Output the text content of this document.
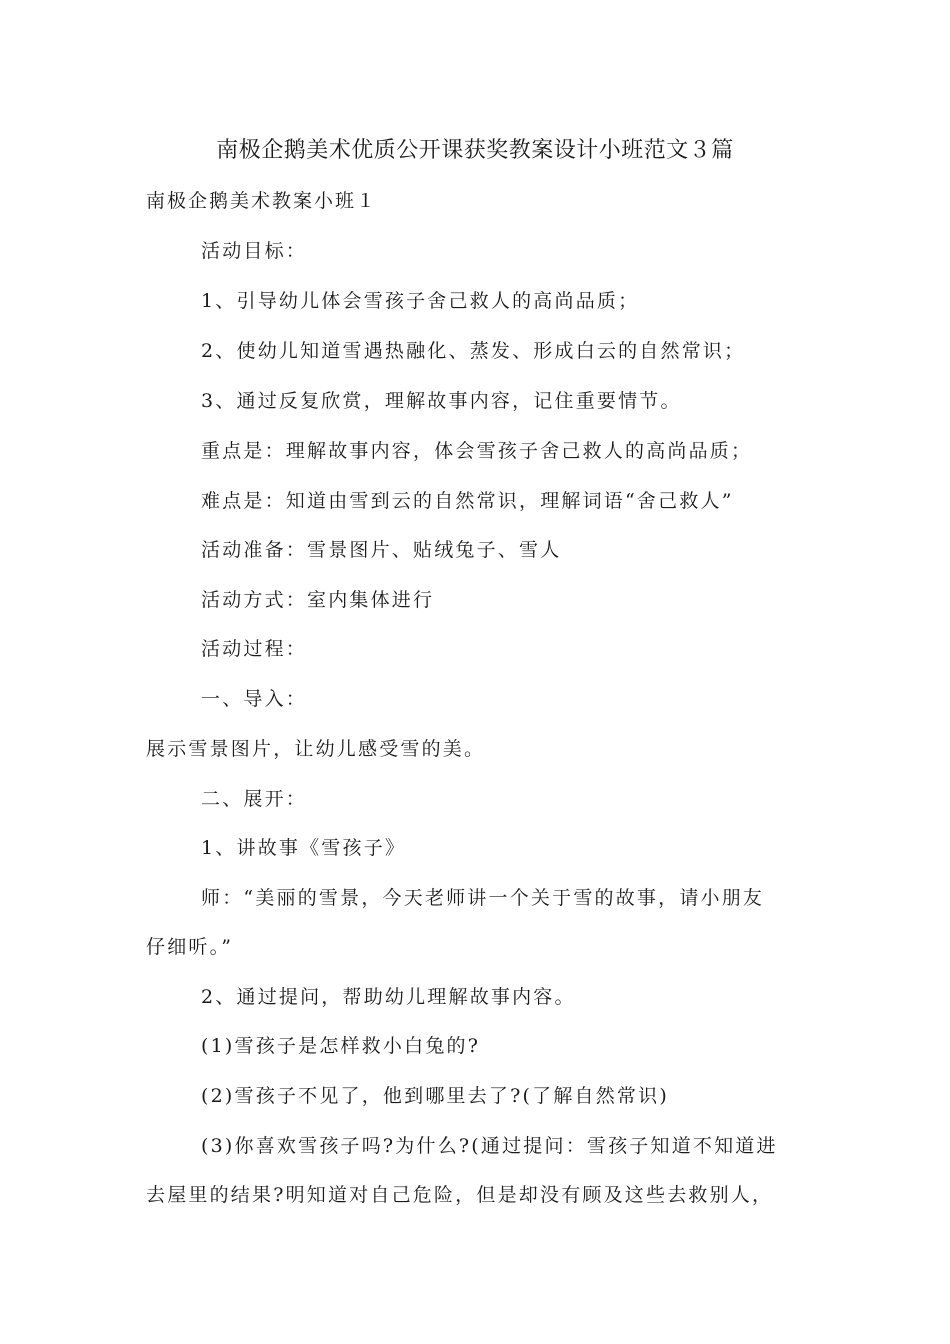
南极企鹅美术优质公开课获奖教案设计小班范文３篇
南极企鹅美术教案小班１

活动目标：

1、引导幼儿体会雪孩子舍己救人的高尚品质；

2、使幼儿知道雪遇热融化、蒸发、形成白云的自然常识；

3、通过反复欣赏，理解故事内容，记住重要情节。

重点是：理解故事内容，体会雪孩子舍己救人的高尚品质；

难点是：知道由雪到云的自然常识，理解词语“舍己救人”

活动准备：雪景图片、贴绒兔子、雪人

活动方式：室内集体进行

活动过程：

一、导入：

展示雪景图片，让幼儿感受雪的美。

二、展开：

1、讲故事《雪孩子》

师：“美丽的雪景，今天老师讲一个关于雪的故事，请小朋友

仔细听。”

2、通过提问，帮助幼儿理解故事内容。

(1)雪孩子是怎样救小白兔的?

(2)雪孩子不见了，他到哪里去了?(了解自然常识)

(3)你喜欢雪孩子吗?为什么?(通过提问：雪孩子知道不知道进

去屋里的结果?明知道对自己危险，但是却没有顾及这些去救别人，
